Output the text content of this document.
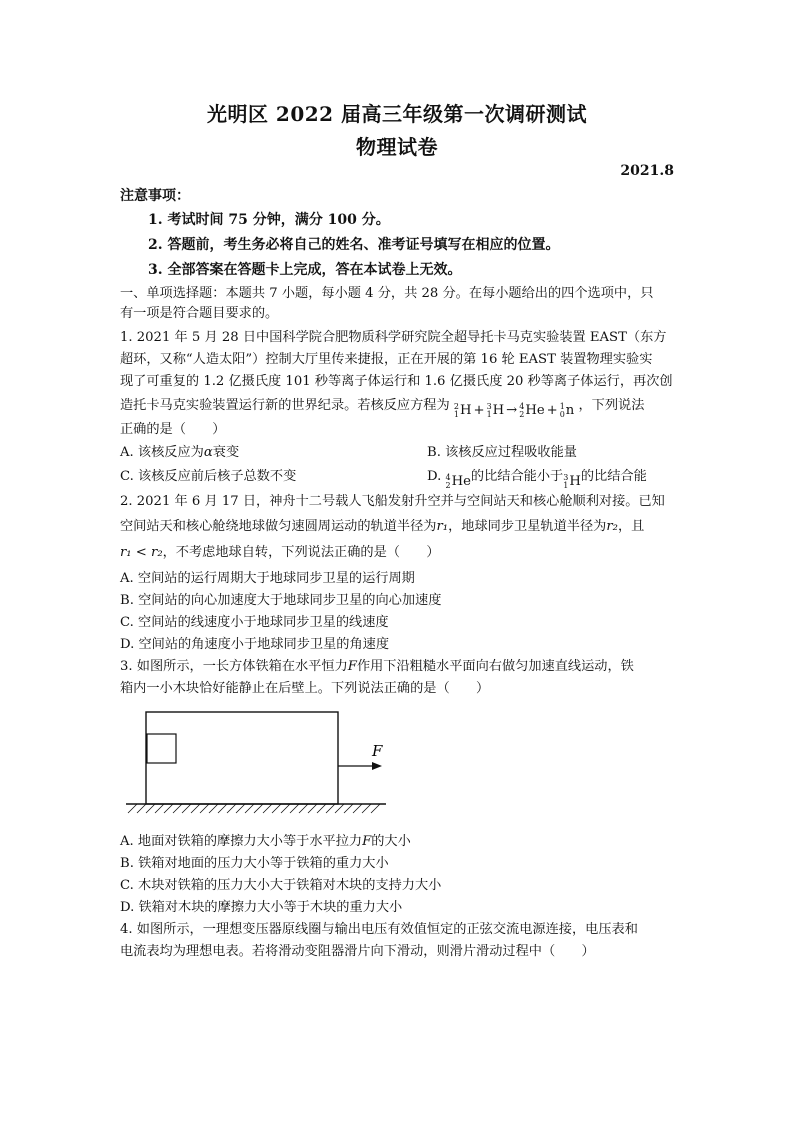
光明区 2022 届高三年级第一次调研测试
物理试卷
2021.8
注意事项：
1. 考试时间 75 分钟，满分 100 分。
2. 答题前，考生务必将自己的姓名、准考证号填写在相应的位置。
3. 全部答案在答题卡上完成，答在本试卷上无效。
一、单项选择题：本题共 7 小题，每小题 4 分，共 28 分。在每小题给出的四个选项中，只
有一项是符合题目要求的。
1. 2021 年 5 月 28 日中国科学院合肥物质科学研究院全超导托卡马克实验装置 EAST（东方
超环，又称“人造太阳”）控制大厅里传来捷报，正在开展的第 16 轮 EAST 装置物理实验实
现了可重复的 1.2 亿摄氏度 101 秒等离子体运行和 1.6 亿摄氏度 20 秒等离子体运行，再次创
造托卡马克实验装置运行新的世界纪录。若核反应方程为 2
1 H + 3
1 H → 4
2 He + 1
0 n ，下列说法
正确的是（　　）
A. 该核反应为α衰变	B. 该核反应过程吸收能量
C. 该核反应前后核子总数不变	D. 4
2 He 的比结合能小于 3
1 H 的比结合能
2. 2021 年 6 月 17 日，神舟十二号载人飞船发射升空并与空间站天和核心舱顺利对接。已知
空间站天和核心舱绕地球做匀速圆周运动的轨道半径为r₁，地球同步卫星轨道半径为r₂，且
r₁ < r₂，不考虑地球自转，下列说法正确的是（　　）
A. 空间站的运行周期大于地球同步卫星的运行周期
B. 空间站的向心加速度大于地球同步卫星的向心加速度
C. 空间站的线速度小于地球同步卫星的线速度
D. 空间站的角速度小于地球同步卫星的角速度
3. 如图所示，一长方体铁箱在水平恒力F作用下沿粗糙水平面向右做匀加速直线运动，铁
箱内一小木块恰好能静止在后壁上。下列说法正确的是（　　）
F
A. 地面对铁箱的摩擦力大小等于水平拉力F的大小
B. 铁箱对地面的压力大小等于铁箱的重力大小
C. 木块对铁箱的压力大小大于铁箱对木块的支持力大小
D. 铁箱对木块的摩擦力大小等于木块的重力大小
4. 如图所示，一理想变压器原线圈与输出电压有效值恒定的正弦交流电源连接，电压表和
电流表均为理想电表。若将滑动变阻器滑片向下滑动，则滑片滑动过程中（　　）
